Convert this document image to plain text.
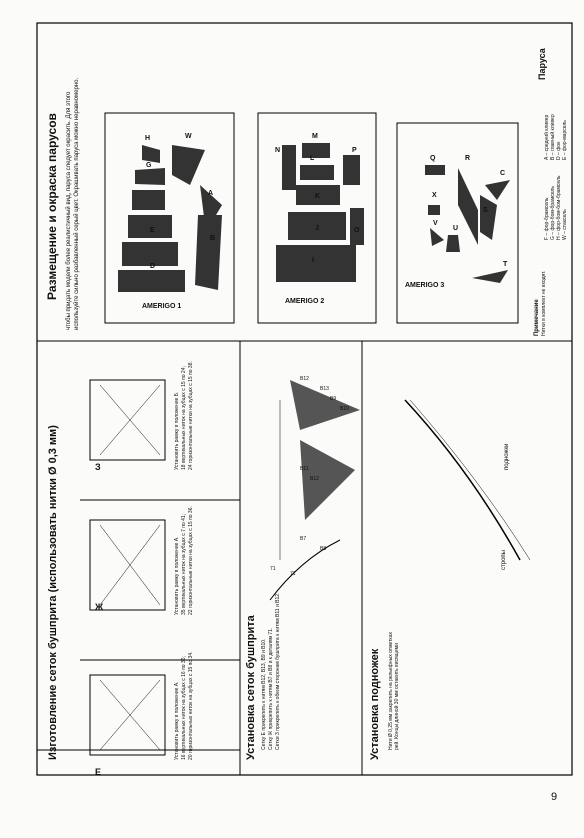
Размещение и окраска парусов чтобы придать модели более реалистичный вид, паруса следует окрасить. Для этого используйте сильно разбавленный серый цвет. Окрашивать паруса можно неравномерно.	H	W
G
A
E
B
D
AMERIGO 1
N
M
L
P
K
J	O
I
AMERIGO 2
Q	R
C
X
S
V
U
T
AMERIGO 3
Паруса
A – средний кливер B – главный кливер D – фок E – фор-марсель
F – фор-брамсель G – фор-бом-брамсель H – фор-бом-бом-брамсель W – стаксель
Примечание Нитки в комплект не входят.
Изготовление сеток бушприта (использовать нитки Ø 0,3 мм)
E
Установить рамку в положение А. 16 вертикальных ниток на зубцах с 16 по 36; 20 горизонтальных ниток на зубцах с 15 по 34.
Ж	Установить рамку в положение А. 35 вертикальных ниток на зубцах с 7 по 41; 22 горизонтальные нитки на зубцах с 15 по 36.
З	Установить рамку в положение Б. 18 вертикальных ниток на зубцах с 15 по 24; 24 горизонтальные нитки на зубцах с 15 по 38.
Установка сеток бушприта
B12
B13
B9
B10
B7
B8
B11
B12
71
71
Сетку Е прикрепить к нитям В12, В13, В9 и В10. Сетку Ж прикрепить к нитям В7 и В8 и к деталям 71. Сетки З прикрепить к обеим сторонам бушприта к нитям В11 и В12.	Установка подножек
подножки
стропы
Нити Ø 0,25 мм закрепить на рельефных отметках рей. Концы длиной 30 мм оставить висящими
9
